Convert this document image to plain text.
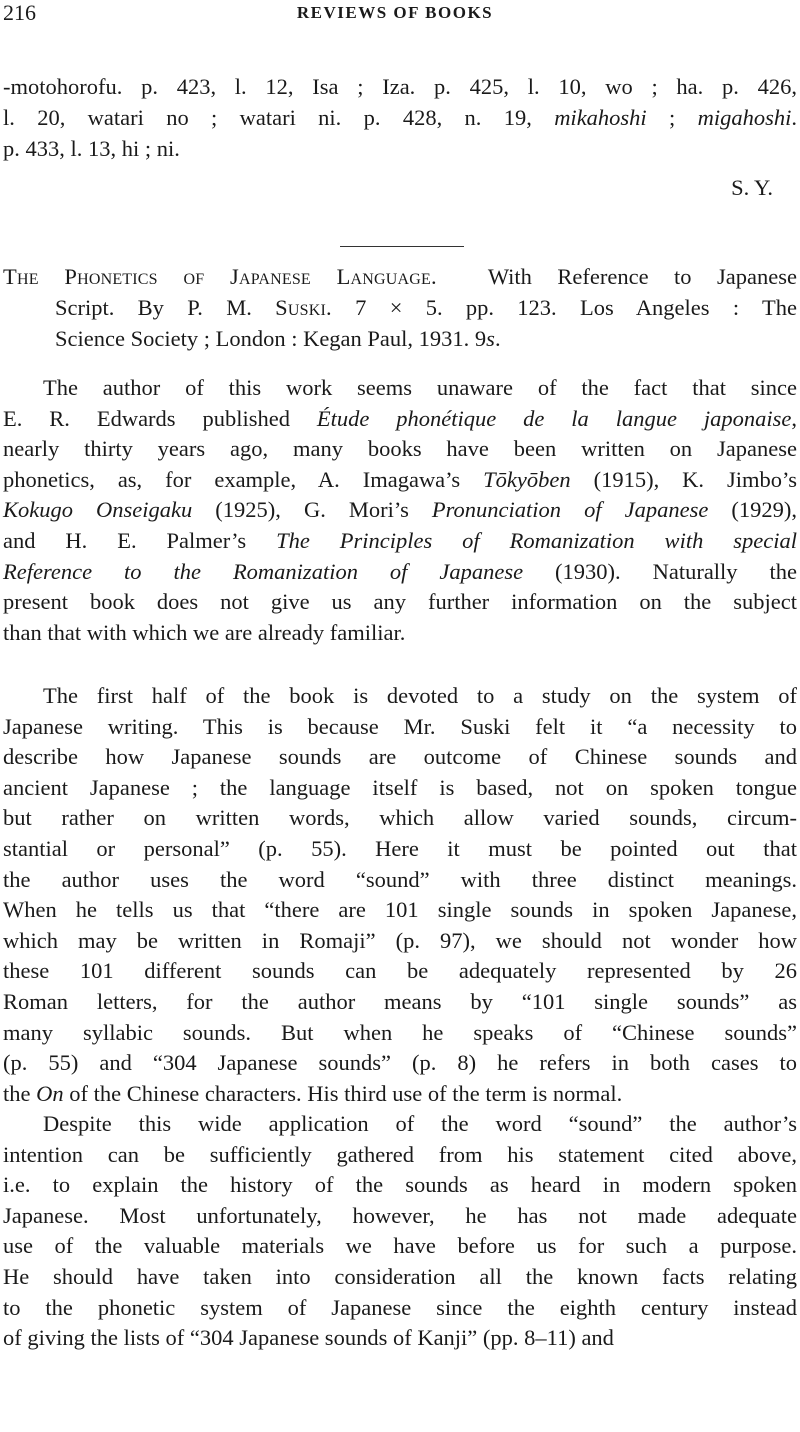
216	REVIEWS OF BOOKS
-motohorofu. p. 423, l. 12, Isa ; Iza. p. 425, l. 10, wo ; ha. p. 426,
l. 20, watari no ; watari ni. p. 428, n. 19, mikahoshi ; migahoshi.
p. 433, l. 13, hi ; ni.
S. Y.
The Phonetics of Japanese Language. With Reference to Japanese
Script. By P. M. Suski. 7 × 5. pp. 123. Los Angeles : The
Science Society ; London : Kegan Paul, 1931. 9s.
The author of this work seems unaware of the fact that since
E. R. Edwards published Étude phonétique de la langue japonaise,
nearly thirty years ago, many books have been written on Japanese
phonetics, as, for example, A. Imagawa’s Tōkyōben (1915), K. Jimbo’s
Kokugo Onseigaku (1925), G. Mori’s Pronunciation of Japanese (1929),
and H. E. Palmer’s The Principles of Romanization with special
Reference to the Romanization of Japanese (1930). Naturally the
present book does not give us any further information on the subject
than that with which we are already familiar.
The first half of the book is devoted to a study on the system of
Japanese writing. This is because Mr. Suski felt it “a necessity to
describe how Japanese sounds are outcome of Chinese sounds and
ancient Japanese ; the language itself is based, not on spoken tongue
but rather on written words, which allow varied sounds, circum-
stantial or personal” (p. 55). Here it must be pointed out that
the author uses the word “sound” with three distinct meanings.
When he tells us that “there are 101 single sounds in spoken Japanese,
which may be written in Romaji” (p. 97), we should not wonder how
these 101 different sounds can be adequately represented by 26
Roman letters, for the author means by “101 single sounds” as
many syllabic sounds. But when he speaks of “Chinese sounds”
(p. 55) and “304 Japanese sounds” (p. 8) he refers in both cases to
the On of the Chinese characters. His third use of the term is normal.
Despite this wide application of the word “sound” the author’s
intention can be sufficiently gathered from his statement cited above,
i.e. to explain the history of the sounds as heard in modern spoken
Japanese. Most unfortunately, however, he has not made adequate
use of the valuable materials we have before us for such a purpose.
He should have taken into consideration all the known facts relating
to the phonetic system of Japanese since the eighth century instead
of giving the lists of “304 Japanese sounds of Kanji” (pp. 8–11) and
